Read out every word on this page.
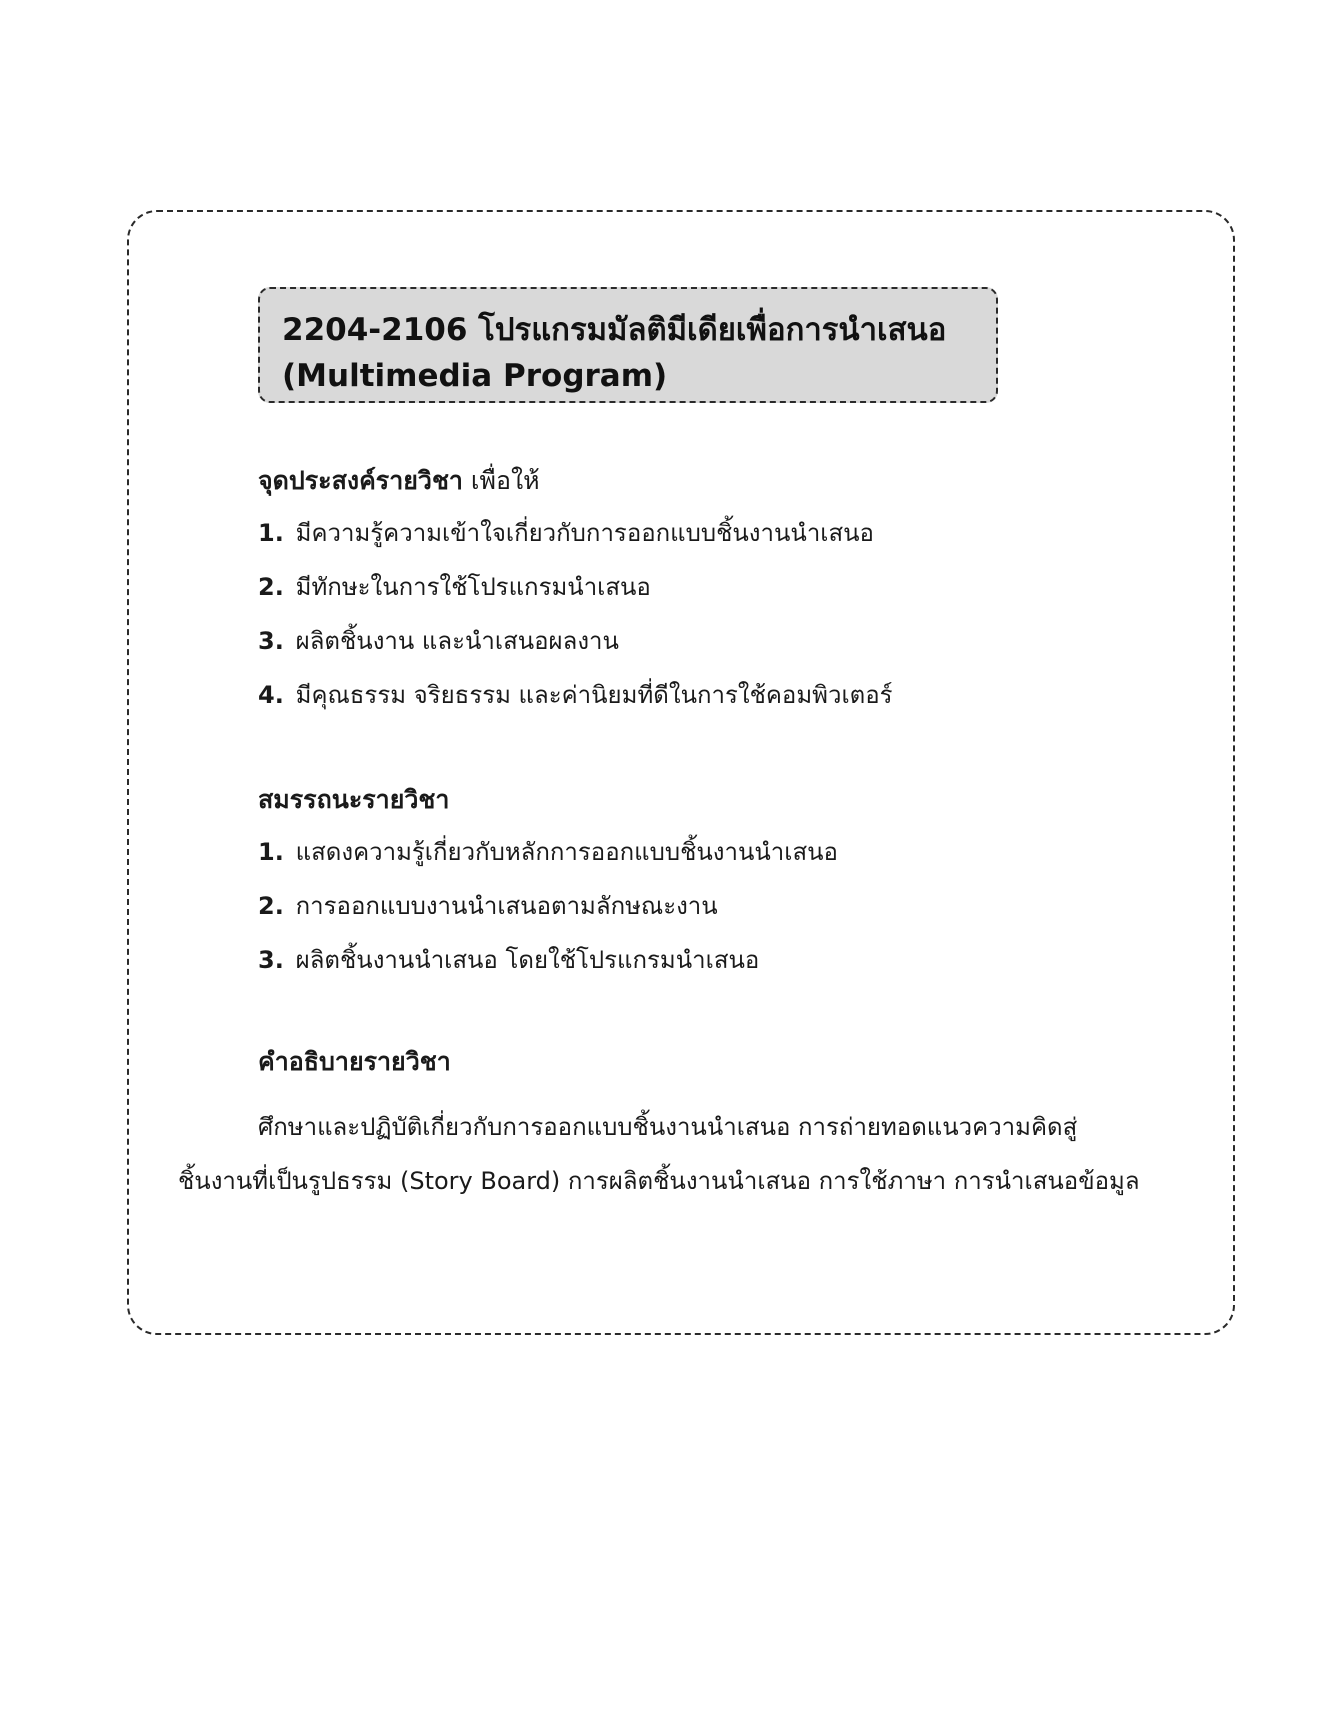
2204-2106 โปรแกรมมัลติมีเดียเพื่อการนำเสนอ
(Multimedia Program)
จุดประสงค์รายวิชา เพื่อให้
1. มีความรู้ความเข้าใจเกี่ยวกับการออกแบบชิ้นงานนำเสนอ
2. มีทักษะในการใช้โปรแกรมนำเสนอ
3. ผลิตชิ้นงาน และนำเสนอผลงาน
4. มีคุณธรรม จริยธรรม และค่านิยมที่ดีในการใช้คอมพิวเตอร์
สมรรถนะรายวิชา
1. แสดงความรู้เกี่ยวกับหลักการออกแบบชิ้นงานนำเสนอ
2. การออกแบบงานนำเสนอตามลักษณะงาน
3. ผลิตชิ้นงานนำเสนอ โดยใช้โปรแกรมนำเสนอ
คำอธิบายรายวิชา
ศึกษาและปฏิบัติเกี่ยวกับการออกแบบชิ้นงานนำเสนอ การถ่ายทอดแนวความคิดสู่
ชิ้นงานที่เป็นรูปธรรม (Story Board) การผลิตชิ้นงานนำเสนอ การใช้ภาษา การนำเสนอข้อมูล
